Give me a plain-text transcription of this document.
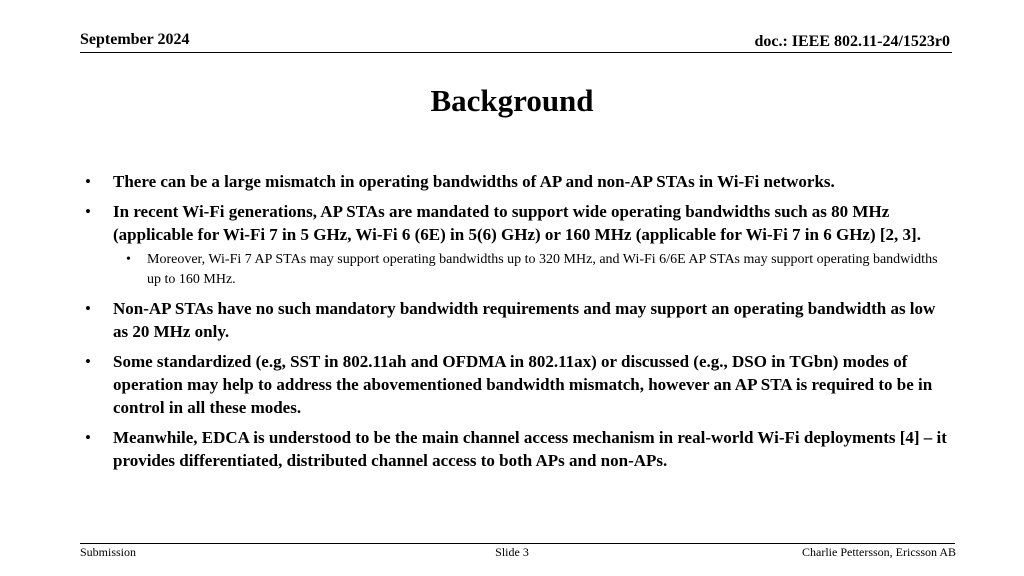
September 2024	doc.: IEEE 802.11-24/1523r0
Background
• There can be a large mismatch in operating bandwidths of AP and non-AP STAs in Wi-Fi networks.
• In recent Wi-Fi generations, AP STAs are mandated to support wide operating bandwidths such as 80 MHz (applicable for Wi-Fi 7 in 5 GHz, Wi-Fi 6 (6E) in 5(6) GHz) or 160 MHz (applicable for Wi-Fi 7 in 6 GHz) [2, 3].
• Moreover, Wi-Fi 7 AP STAs may support operating bandwidths up to 320 MHz, and Wi-Fi 6/6E AP STAs may support operating bandwidths up to 160 MHz.
• Non-AP STAs have no such mandatory bandwidth requirements and may support an operating bandwidth as low as 20 MHz only.
• Some standardized (e.g, SST in 802.11ah and OFDMA in 802.11ax) or discussed (e.g., DSO in TGbn) modes of operation may help to address the abovementioned bandwidth mismatch, however an AP STA is required to be in control in all these modes.
• Meanwhile, EDCA is understood to be the main channel access mechanism in real-world Wi-Fi deployments [4] – it provides differentiated, distributed channel access to both APs and non-APs.
Submission	Slide 3	Charlie Pettersson, Ericsson AB
